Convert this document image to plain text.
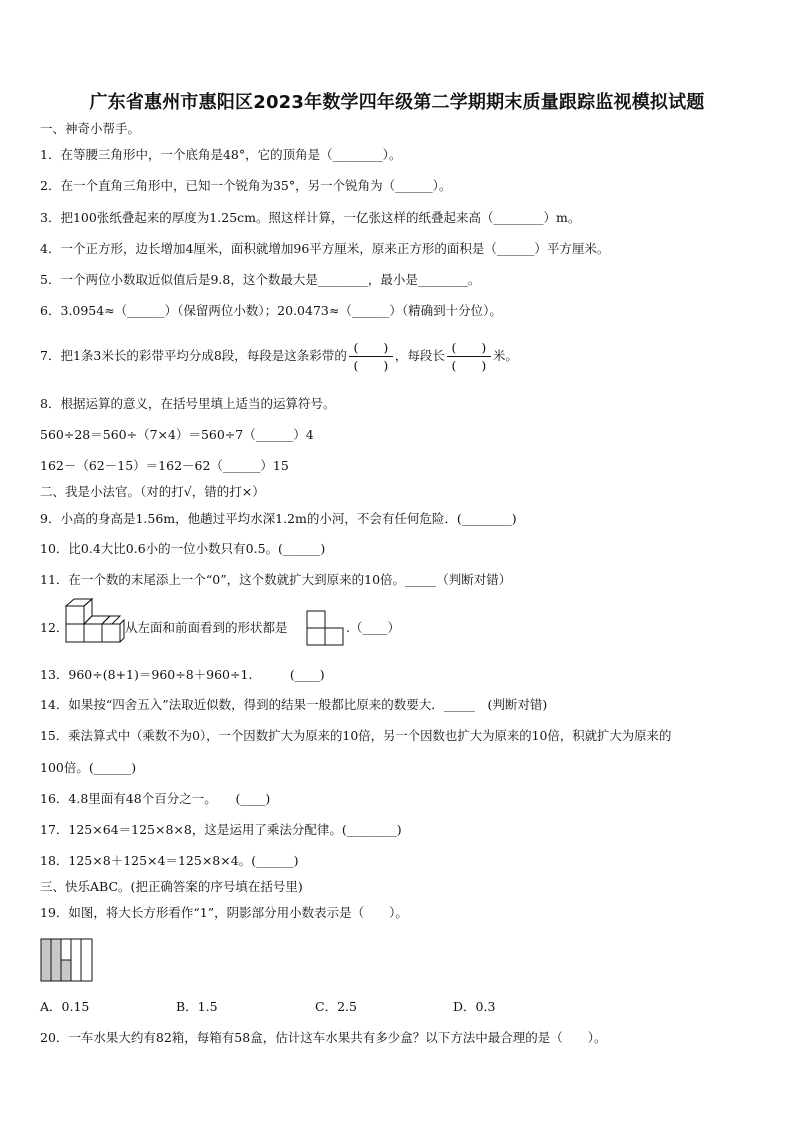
广东省惠州市惠阳区2023年数学四年级第二学期期末质量跟踪监视模拟试题
一、神奇小帮手。
1．在等腰三角形中，一个底角是48°，它的顶角是（________）。
2．在一个直角三角形中，已知一个锐角为35°，另一个锐角为（______）。
3．把100张纸叠起来的厚度为1.25cm。照这样计算，一亿张这样的纸叠起来高（________）m。
4．一个正方形，边长增加4厘米，面积就增加96平方厘米，原来正方形的面积是（______）平方厘米。
5．一个两位小数取近似值后是9.8，这个数最大是________，最小是________。
6．3.0954≈（______）（保留两位小数）；20.0473≈（______）（精确到十分位）。
7．把1条3米长的彩带平均分成8段，每段是这条彩带的
(　　)
(　　)
，每段长
(　　)
(　　)
米。
8．根据运算的意义，在括号里填上适当的运算符号。
560÷28＝560÷（7×4）＝560÷7（______）4
162－（62－15）＝162－62（______）15
二、我是小法官。（对的打√，错的打×）
9．小高的身高是1.56m，他趟过平均水深1.2m的小河，不会有任何危险．(________)
10．比0.4大比0.6小的一位小数只有0.5。(______)
11．在一个数的末尾添上一个“0”，这个数就扩大到原来的10倍。_____（判断对错）
12．	从左面和前面看到的形状都是	.（____）
13．960÷(8+1)＝960÷8＋960÷1.　　　(____)
14．如果按“四舍五入”法取近似数，得到的结果一般都比原来的数要大．_____　(判断对错)
15．乘法算式中（乘数不为0），一个因数扩大为原来的10倍，另一个因数也扩大为原来的10倍，积就扩大为原来的
100倍。(______)
16．4.8里面有48个百分之一。　　(____)
17．125×64＝125×8×8，这是运用了乘法分配律。(________)
18．125×8＋125×4＝125×8×4。(______)
三、快乐ABC。(把正确答案的序号填在括号里)
19．如图，将大长方形看作“1”，阴影部分用小数表示是（　　）。
A．0.15	B．1.5	C．2.5	D．0.3
20．一车水果大约有82箱，每箱有58盒，估计这车水果共有多少盒？以下方法中最合理的是（　　）。
